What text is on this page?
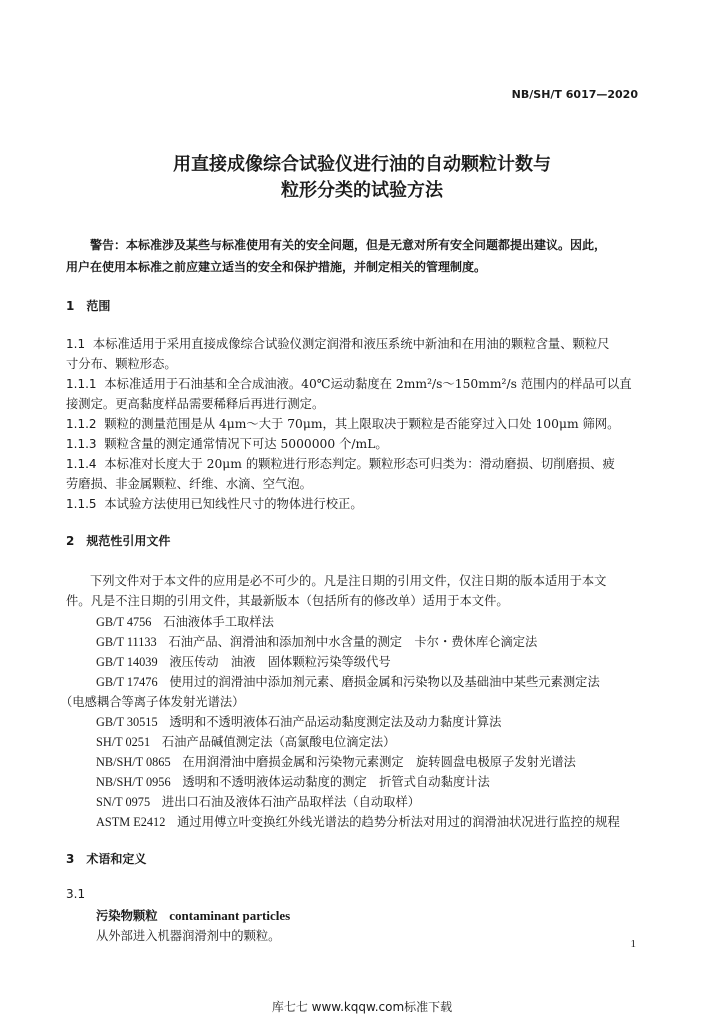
NB/SH/T 6017—2020
用直接成像综合试验仪进行油的自动颗粒计数与
粒形分类的试验方法
警告：本标准涉及某些与标准使用有关的安全问题，但是无意对所有安全问题都提出建议。因此，
用户在使用本标准之前应建立适当的安全和保护措施，并制定相关的管理制度。
1　范围
1.1 本标准适用于采用直接成像综合试验仪测定润滑和液压系统中新油和在用油的颗粒含量、颗粒尺
寸分布、颗粒形态。
1.1.1 本标准适用于石油基和全合成油液。40℃运动黏度在 2mm²/s～150mm²/s 范围内的样品可以直
接测定。更高黏度样品需要稀释后再进行测定。
1.1.2 颗粒的测量范围是从 4μm～大于 70μm，其上限取决于颗粒是否能穿过入口处 100μm 筛网。
1.1.3 颗粒含量的测定通常情况下可达 5000000 个/mL。
1.1.4 本标准对长度大于 20μm 的颗粒进行形态判定。颗粒形态可归类为：滑动磨损、切削磨损、疲
劳磨损、非金属颗粒、纤维、水滴、空气泡。
1.1.5 本试验方法使用已知线性尺寸的物体进行校正。
2　规范性引用文件
下列文件对于本文件的应用是必不可少的。凡是注日期的引用文件，仅注日期的版本适用于本文
件。凡是不注日期的引用文件，其最新版本（包括所有的修改单）适用于本文件。
GB/T 4756 石油液体手工取样法
GB/T 11133 石油产品、润滑油和添加剂中水含量的测定　卡尔・费休库仑滴定法
GB/T 14039 液压传动　油液　固体颗粒污染等级代号
GB/T 17476 使用过的润滑油中添加剂元素、磨损金属和污染物以及基础油中某些元素测定法
（电感耦合等离子体发射光谱法）
GB/T 30515 透明和不透明液体石油产品运动黏度测定法及动力黏度计算法
SH/T 0251 石油产品碱值测定法（高氯酸电位滴定法）
NB/SH/T 0865 在用润滑油中磨损金属和污染物元素测定　旋转圆盘电极原子发射光谱法
NB/SH/T 0956 透明和不透明液体运动黏度的测定　折管式自动黏度计法
SN/T 0975 进出口石油及液体石油产品取样法（自动取样）
ASTM E2412 通过用傅立叶变换红外线光谱法的趋势分析法对用过的润滑油状况进行监控的规程
3　术语和定义
3.1
污染物颗粒 contaminant particles
从外部进入机器润滑剂中的颗粒。
1
库七七 www.kqqw.com标准下载
